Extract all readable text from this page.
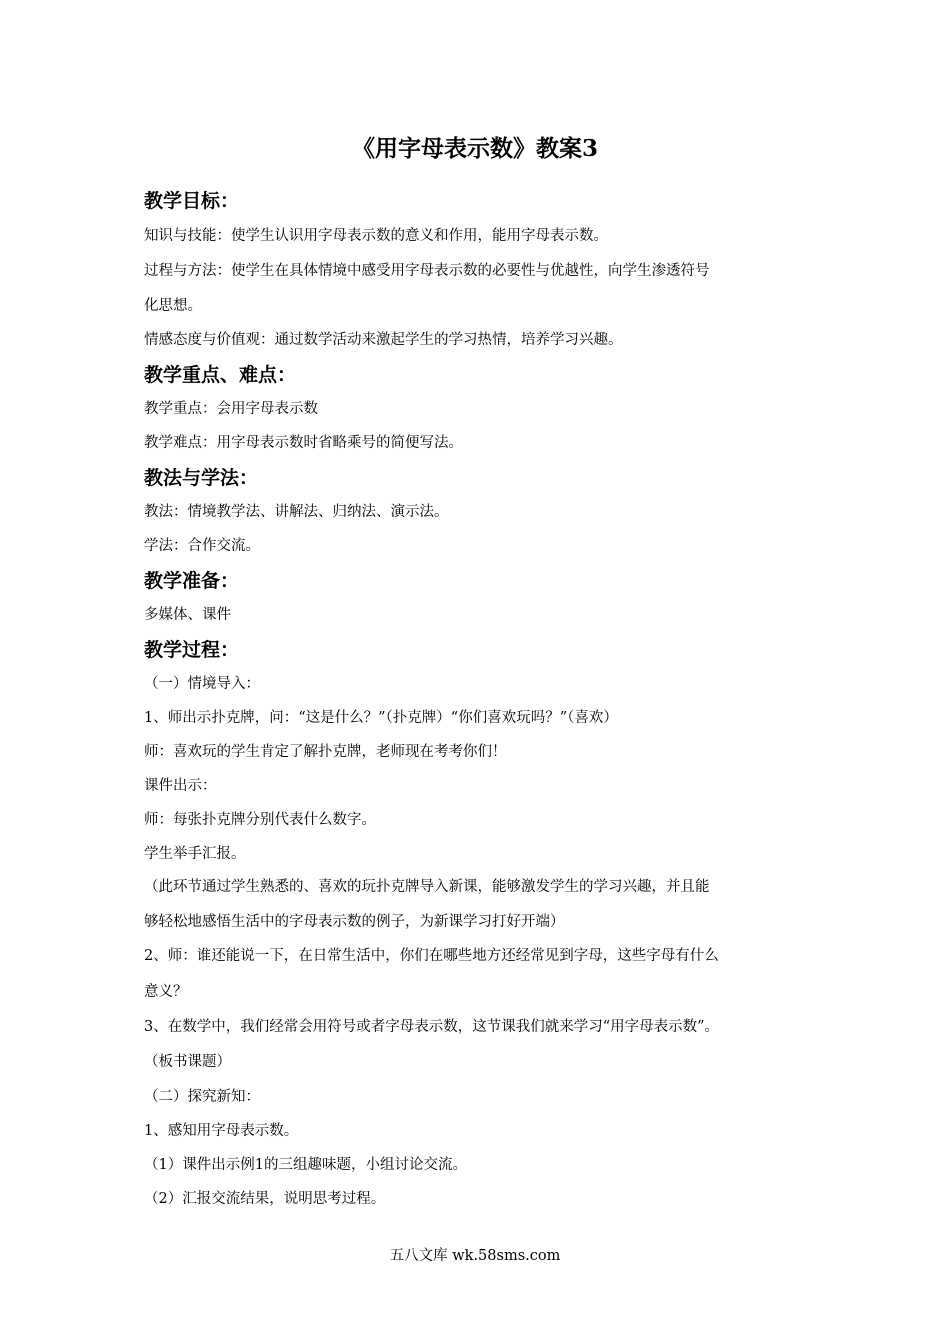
《用字母表示数》教案3
教学目标：
知识与技能：使学生认识用字母表示数的意义和作用，能用字母表示数。
过程与方法：使学生在具体情境中感受用字母表示数的必要性与优越性，向学生渗透符号
化思想。
情感态度与价值观：通过数学活动来激起学生的学习热情，培养学习兴趣。
教学重点、难点：
教学重点：会用字母表示数
教学难点：用字母表示数时省略乘号的简便写法。
教法与学法：
教法：情境教学法、讲解法、归纳法、演示法。
学法：合作交流。
教学准备：
多媒体、课件
教学过程：
（一）情境导入：
1、师出示扑克牌，问：“这是什么？”（扑克牌）“你们喜欢玩吗？”（喜欢）
师：喜欢玩的学生肯定了解扑克牌，老师现在考考你们！
课件出示：
师：每张扑克牌分别代表什么数字。
学生举手汇报。
（此环节通过学生熟悉的、喜欢的玩扑克牌导入新课，能够激发学生的学习兴趣，并且能
够轻松地感悟生活中的字母表示数的例子，为新课学习打好开端）
2、师：谁还能说一下，在日常生活中，你们在哪些地方还经常见到字母，这些字母有什么
意义？
3、在数学中，我们经常会用符号或者字母表示数，这节课我们就来学习“用字母表示数”。
（板书课题）
（二）探究新知：
1、感知用字母表示数。
（1）课件出示例1的三组趣味题，小组讨论交流。
（2）汇报交流结果，说明思考过程。
五八文库 wk.58sms.com
